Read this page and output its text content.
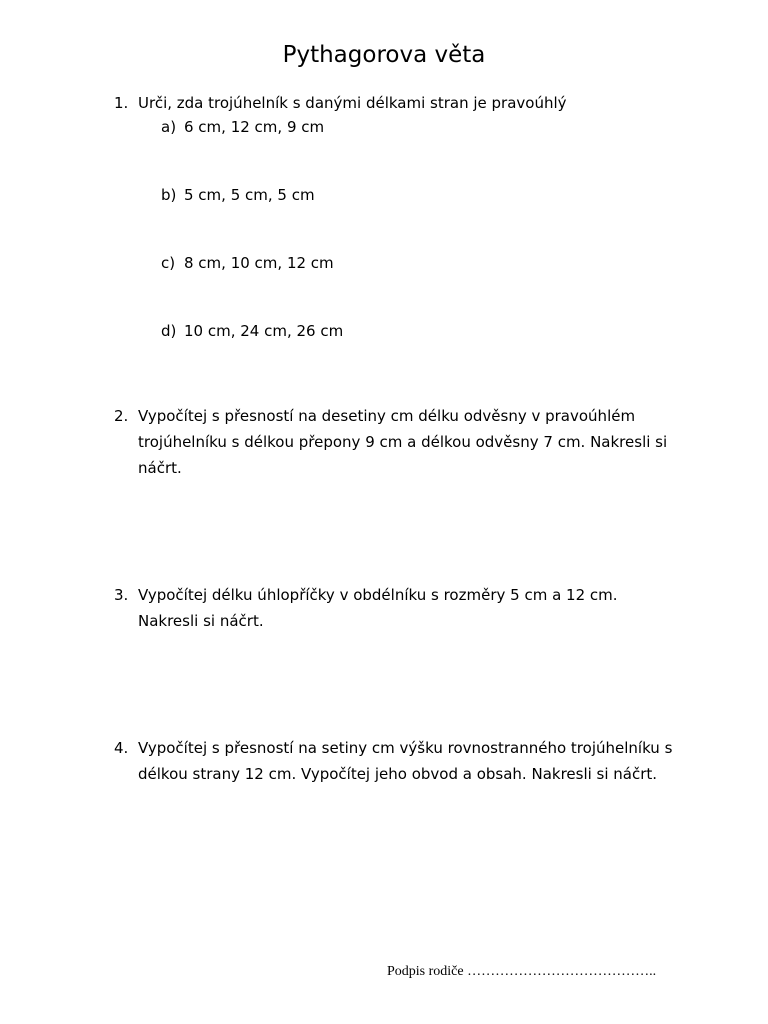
Pythagorova věta
1. Urči, zda trojúhelník s danými délkami stran je pravoúhlý
a) 6 cm, 12 cm, 9 cm
b) 5 cm, 5 cm, 5 cm
c) 8 cm, 10 cm, 12 cm
d) 10 cm, 24 cm, 26 cm
2. Vypočítej s přesností na desetiny cm délku odvěsny v pravoúhlém trojúhelníku s délkou přepony 9 cm a délkou odvěsny 7 cm. Nakresli si náčrt.
3. Vypočítej délku úhlopříčky v obdélníku s rozměry 5 cm a 12 cm. Nakresli si náčrt.
4. Vypočítej s přesností na setiny cm výšku rovnostranného trojúhelníku s délkou strany 12 cm. Vypočítej jeho obvod a obsah. Nakresli si náčrt.
Podpis rodiče …………………………………..
